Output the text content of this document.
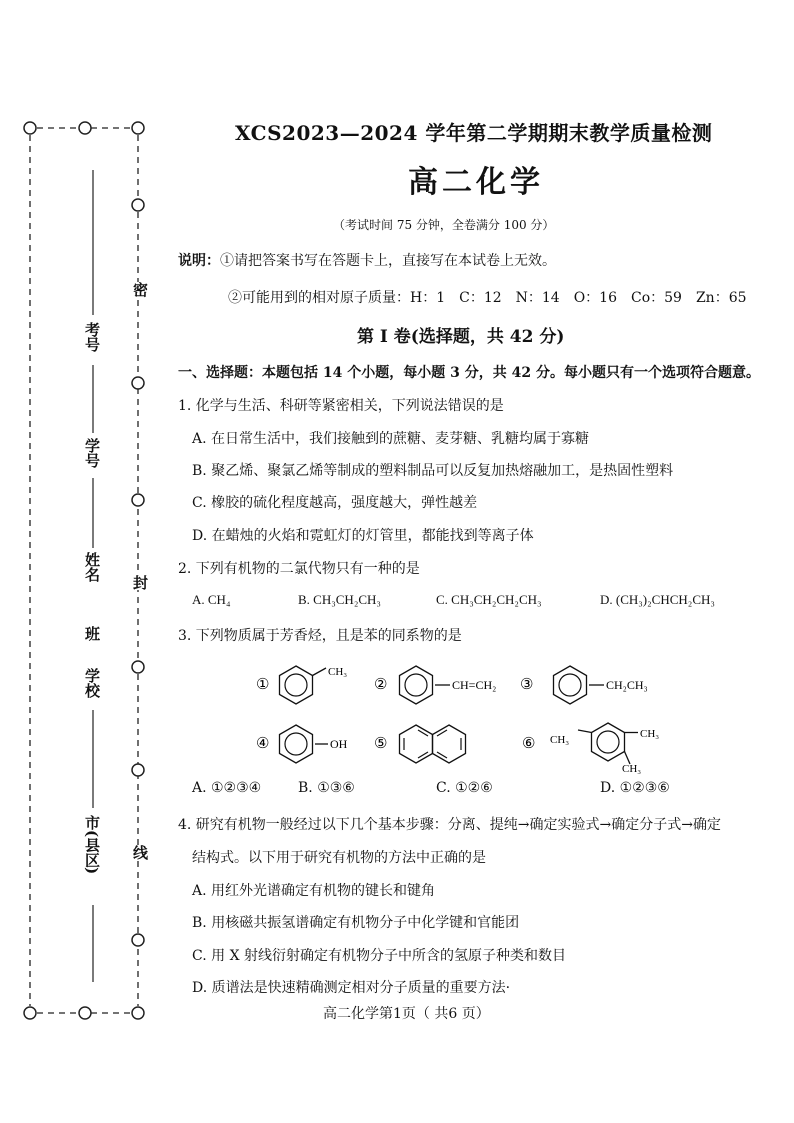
考号
学号
姓名
班
学校
市(县区)
密
封
线
XCS2023—2024 学年第二学期期末教学质量检测
高二化学
（考试时间 75 分钟，全卷满分 100 分）
说明：①请把答案书写在答题卡上，直接写在本试卷上无效。
②可能用到的相对原子质量：H：1　C：12　N：14　O：16　Co：59　Zn：65
第 I 卷(选择题，共 42 分)
一、选择题：本题包括 14 个小题，每小题 3 分，共 42 分。每小题只有一个选项符合题意。
1. 化学与生活、科研等紧密相关，下列说法错误的是
A. 在日常生活中，我们接触到的蔗糖、麦芽糖、乳糖均属于寡糖
B. 聚乙烯、聚氯乙烯等制成的塑料制品可以反复加热熔融加工，是热固性塑料
C. 橡胶的硫化程度越高，强度越大，弹性越差
D. 在蜡烛的火焰和霓虹灯的灯管里，都能找到等离子体
2. 下列有机物的二氯代物只有一种的是
A. CH₄	B. CH₃CH₂CH₃	C. CH₃CH₂CH₂CH₃	D. (CH₃)₂CHCH₂CH₃
3. 下列物质属于芳香烃，且是苯的同系物的是
①
CH₃
②	CH=CH₂ ③	CH₂CH₃
④	OH ⑤	⑥ CH₃	CH₃
CH₃
A. ①②③④	B. ①③⑥	C. ①②⑥	D. ①②③⑥
4. 研究有机物一般经过以下几个基本步骤：分离、提纯→确定实验式→确定分子式→确定
结构式。以下用于研究有机物的方法中正确的是
A. 用红外光谱确定有机物的键长和键角
B. 用核磁共振氢谱确定有机物分子中化学键和官能团
C. 用 X 射线衍射确定有机物分子中所含的氢原子种类和数目
D. 质谱法是快速精确测定相对分子质量的重要方法·
高二化学第1页（ 共6 页）
